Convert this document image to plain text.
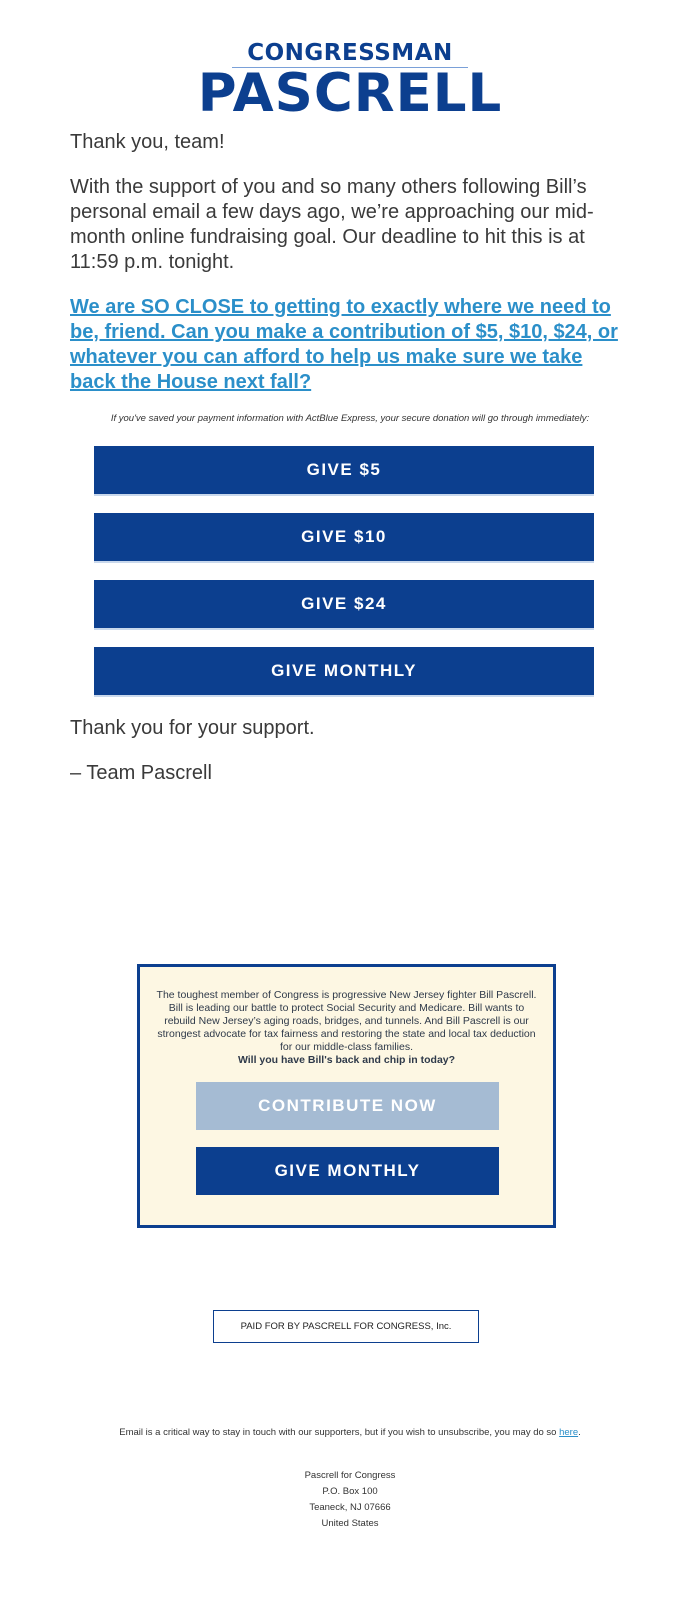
CONGRESSMAN
PASCRELL

Thank you, team!

With the support of you and so many others following Bill’s personal email a few days ago, we’re approaching our mid-month online fundraising goal. Our deadline to hit this is at 11:59 p.m. tonight.

We are SO CLOSE to getting to exactly where we need to be, friend. Can you make a contribution of $5, $10, $24, or whatever you can afford to help us make sure we take back the House next fall?

If you've saved your payment information with ActBlue Express, your secure donation will go through immediately:
GIVE $5
GIVE $10
GIVE $24
GIVE MONTHLY
Thank you for your support.
– Team Pascrell
The toughest member of Congress is progressive New Jersey fighter Bill Pascrell. Bill is leading our battle to protect Social Security and Medicare. Bill wants to rebuild New Jersey’s aging roads, bridges, and tunnels. And Bill Pascrell is our strongest advocate for tax fairness and restoring the state and local tax deduction for our middle-class families.
Will you have Bill's back and chip in today?
CONTRIBUTE NOW
GIVE MONTHLY
PAID FOR BY PASCRELL FOR CONGRESS, Inc.
Email is a critical way to stay in touch with our supporters, but if you wish to unsubscribe, you may do so here.
Pascrell for Congress
P.O. Box 100
Teaneck, NJ 07666
United States
